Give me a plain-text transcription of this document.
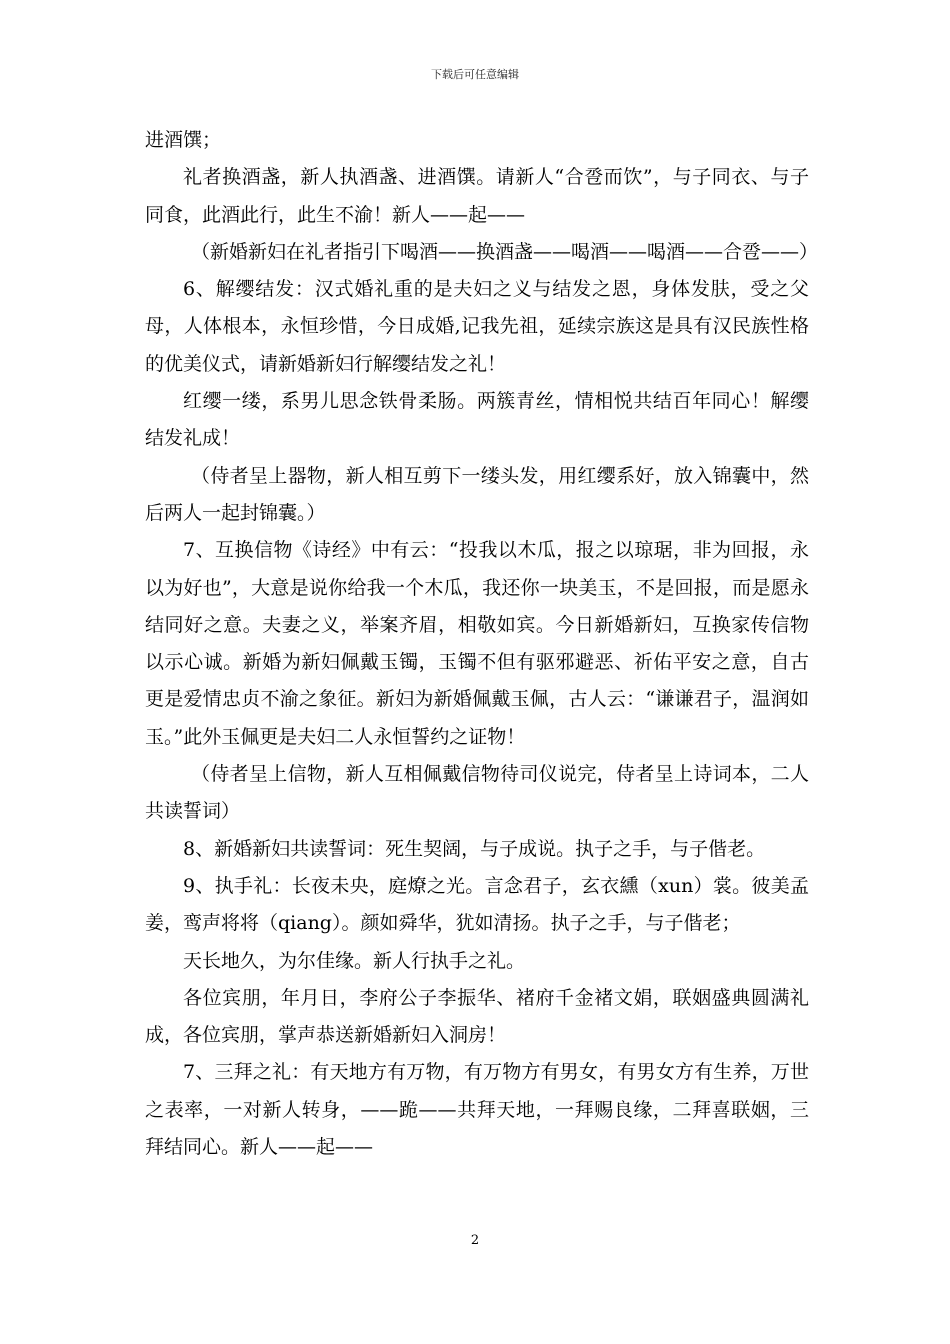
下载后可任意编辑

进酒馔；

礼者换酒盏，新人执酒盏、进酒馔。请新人“合卺而饮”，与子同衣、与子同食，此酒此行，此生不渝！新人——起——

（新婚新妇在礼者指引下喝酒——换酒盏——喝酒——喝酒——合卺——）

6、解缨结发：汉式婚礼重的是夫妇之义与结发之恩，身体发肤，受之父母，人体根本，永恒珍惜，今日成婚,记我先祖，延续宗族这是具有汉民族性格的优美仪式，请新婚新妇行解缨结发之礼！

红缨一缕，系男儿思念铁骨柔肠。两簇青丝，情相悦共结百年同心！解缨结发礼成！

（侍者呈上器物，新人相互剪下一缕头发，用红缨系好，放入锦囊中，然后两人一起封锦囊。）

7、互换信物《诗经》中有云：“投我以木瓜，报之以琼琚，非为回报，永以为好也”，大意是说你给我一个木瓜，我还你一块美玉，不是回报，而是愿永结同好之意。夫妻之义，举案齐眉，相敬如宾。今日新婚新妇，互换家传信物以示心诚。新婚为新妇佩戴玉镯，玉镯不但有驱邪避恶、祈佑平安之意，自古更是爱情忠贞不渝之象征。新妇为新婚佩戴玉佩，古人云：“谦谦君子，温润如玉。”此外玉佩更是夫妇二人永恒誓约之证物！

（侍者呈上信物，新人互相佩戴信物待司仪说完，侍者呈上诗词本，二人共读誓词）

8、新婚新妇共读誓词：死生契阔，与子成说。执子之手，与子偕老。

9、执手礼：长夜未央，庭燎之光。言念君子，玄衣纁（xun）裳。彼美孟姜，鸾声将将（qiang）。颜如舜华，犹如清扬。执子之手，与子偕老；

天长地久，为尔佳缘。新人行执手之礼。

各位宾朋，年月日，李府公子李振华、褚府千金褚文娟，联姻盛典圆满礼成，各位宾朋，掌声恭送新婚新妇入洞房！

7、三拜之礼：有天地方有万物，有万物方有男女，有男女方有生养，万世之表率，一对新人转身，——跪——共拜天地，一拜赐良缘，二拜喜联姻，三拜结同心。新人——起——

2
